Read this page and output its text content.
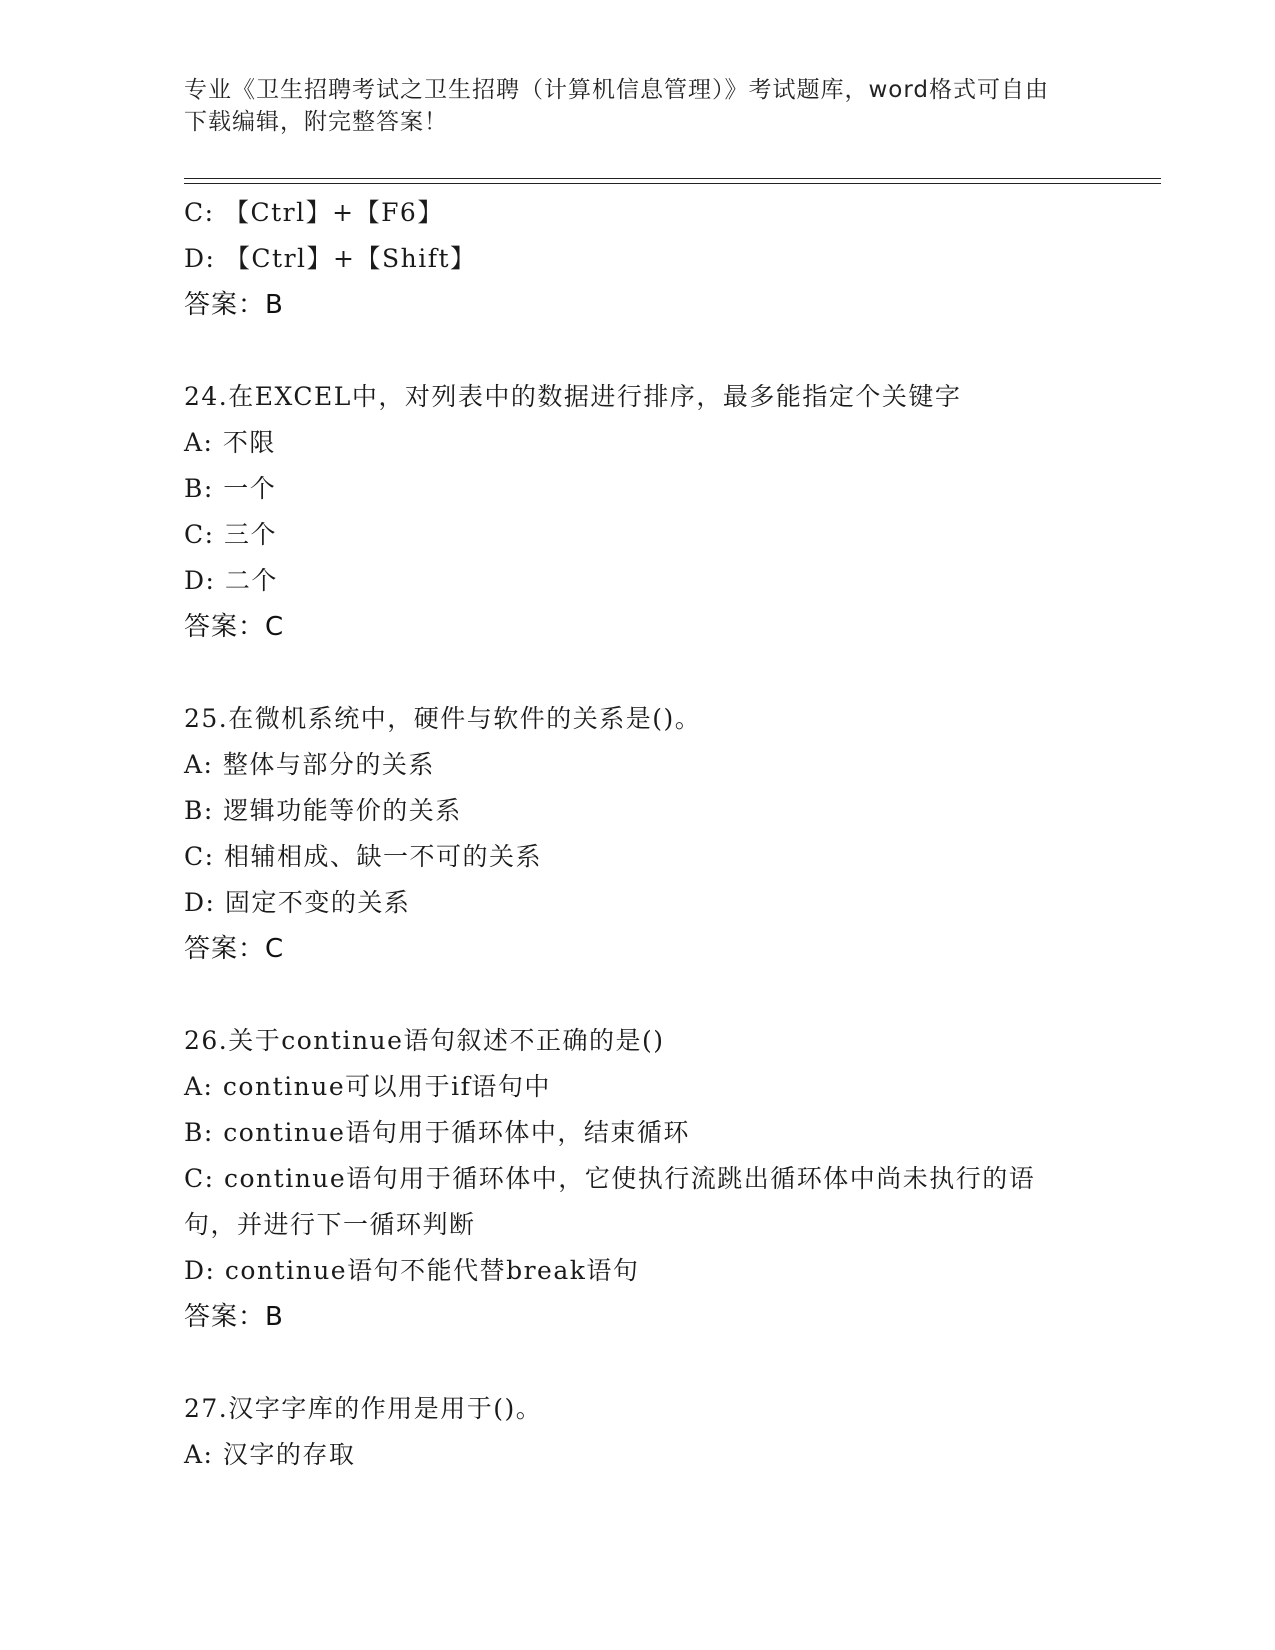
专业《卫生招聘考试之卫生招聘（计算机信息管理）》考试题库，word格式可自由下载编辑，附完整答案！
C: 【Ctrl】+【F6】
D: 【Ctrl】+【Shift】
答案：B
24.在EXCEL中，对列表中的数据进行排序，最多能指定个关键字
A: 不限
B: 一个
C: 三个
D: 二个
答案：C
25.在微机系统中，硬件与软件的关系是()。
A: 整体与部分的关系
B: 逻辑功能等价的关系
C: 相辅相成、缺一不可的关系
D: 固定不变的关系
答案：C
26.关于continue语句叙述不正确的是()
A: continue可以用于if语句中
B: continue语句用于循环体中，结束循环
C: continue语句用于循环体中，它使执行流跳出循环体中尚未执行的语句，并进行下一循环判断
D: continue语句不能代替break语句
答案：B
27.汉字字库的作用是用于()。
A: 汉字的存取
